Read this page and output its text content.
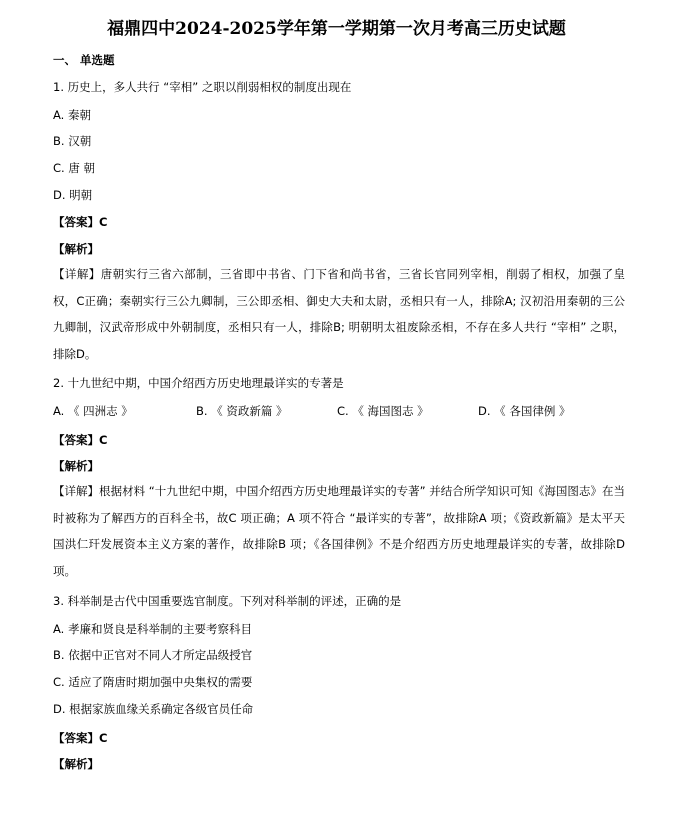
福鼎四中2024-2025学年第一学期第一次月考高三历史试题
一、 单选题
1. 历史上，多人共行 “宰相” 之职以削弱相权的制度出现在
A. 秦朝
B. 汉朝
C. 唐 朝
D. 明朝
【答案】C
【解析】
【详解】唐朝实行三省六部制，三省即中书省、门下省和尚书省，三省长官同列宰相，削弱了相权，加强了皇权，C正确；秦朝实行三公九卿制，三公即丞相、御史大夫和太尉，丞相只有一人，排除A; 汉初沿用秦朝的三公九卿制，汉武帝形成中外朝制度，丞相只有一人，排除B; 明朝明太祖废除丞相，不存在多人共行 “宰相” 之职，排除D。
2. 十九世纪中期，中国介绍西方历史地理最详实的专著是
A. 《 四洲志 》	B. 《 资政新篇 》	C. 《 海国图志 》	D. 《 各国律例 》
【答案】C
【解析】
【详解】根据材料 “十九世纪中期，中国介绍西方历史地理最详实的专著” 并结合所学知识可知《海国图志》在当时被称为了解西方的百科全书，故C 项正确；A 项不符合 “最详实的专著”，故排除A 项；《资政新篇》是太平天国洪仁玕发展资本主义方案的著作，故排除B 项；《各国律例》不是介绍西方历史地理最详实的专著，故排除D 项。
3. 科举制是古代中国重要选官制度。下列对科举制的评述，正确的是
A. 孝廉和贤良是科举制的主要考察科目
B. 依据中正官对不同人才所定品级授官
C. 适应了隋唐时期加强中央集权的需要
D. 根据家族血缘关系确定各级官员任命
【答案】C
【解析】
